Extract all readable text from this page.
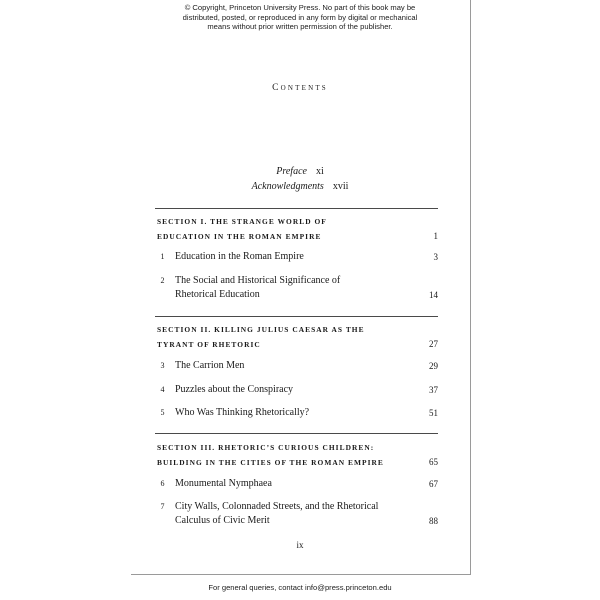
© Copyright, Princeton University Press. No part of this book may be
distributed, posted, or reproduced in any form by digital or mechanical
means without prior written permission of the publisher.
Contents
Preface xi
Acknowledgments xvii
SECTION I. THE STRANGE WORLD OF
EDUCATION IN THE ROMAN EMPIRE	1
1	Education in the Roman Empire	3
2	The Social and Historical Significance of
Rhetorical Education	14
SECTION II. KILLING JULIUS CAESAR AS THE
TYRANT OF RHETORIC	27
3	The Carrion Men	29
4	Puzzles about the Conspiracy	37
5	Who Was Thinking Rhetorically?	51
SECTION III. RHETORIC’S CURIOUS CHILDREN:
BUILDING IN THE CITIES OF THE ROMAN EMPIRE	65
6	Monumental Nymphaea	67
7	City Walls, Colonnaded Streets, and the Rhetorical
Calculus of Civic Merit	88
ix
For general queries, contact info@press.princeton.edu
